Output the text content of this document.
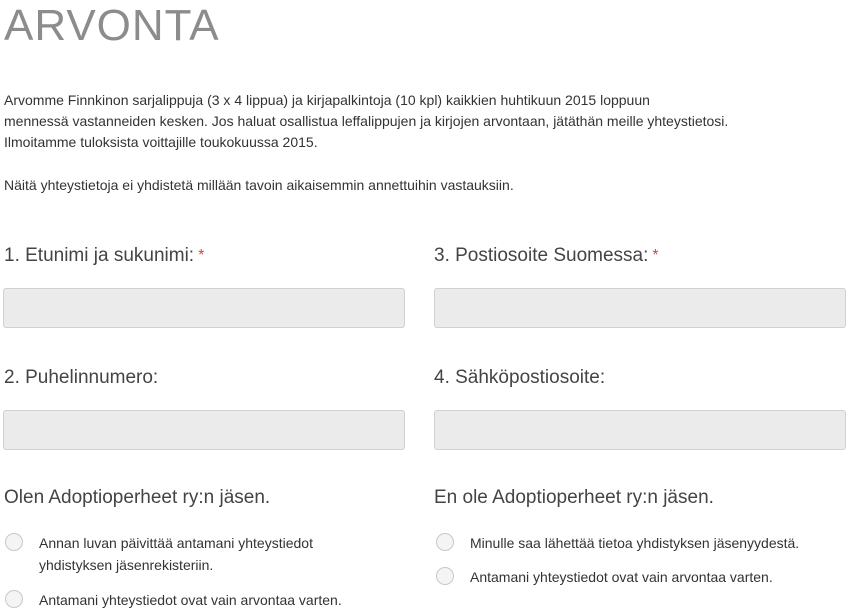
ARVONTA

Arvomme Finnkinon sarjalippuja (3 x 4 lippua) ja kirjapalkintoja (10 kpl) kaikkien huhtikuun 2015 loppuun

mennessä vastanneiden kesken. Jos haluat osallistua leffalippujen ja kirjojen arvontaan, jätäthän meille yhteystietosi.

Ilmoitamme tuloksista voittajille toukokuussa 2015.

Näitä yhteystietoja ei yhdistetä millään tavoin aikaisemmin annettuihin vastauksiin.

1. Etunimi ja sukunimi: *	3. Postiosoite Suomessa: *
2. Puhelinnumero:	4. Sähköpostiosoite:
Olen Adoptioperheet ry:n jäsen.
Annan luvan päivittää antamani yhteystiedot
yhdistyksen jäsenrekisteriin.
Antamani yhteystiedot ovat vain arvontaa varten.
En ole Adoptioperheet ry:n jäsen.
Minulle saa lähettää tietoa yhdistyksen jäsenyydestä.
Antamani yhteystiedot ovat vain arvontaa varten.
